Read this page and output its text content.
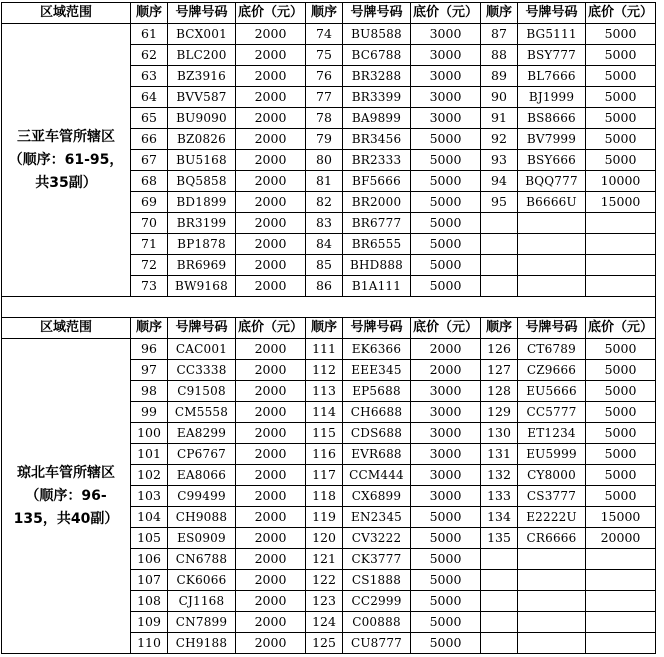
区域范围	顺序	号牌号码	底价（元）	顺序	号牌号码	底价（元）	顺序	号牌号码	底价（元）
三亚车管所辖区（顺序：61-95，共35副）	61	BCX001	2000	74	BU8588	3000	87	BG5111	5000
	62	BLC200	2000	75	BC6788	3000	88	BSY777	5000
	63	BZ3916	2000	76	BR3288	3000	89	BL7666	5000
	64	BVV587	2000	77	BR3399	3000	90	BJ1999	5000
	65	BU9090	2000	78	BA9899	3000	91	BS8666	5000
	66	BZ0826	2000	79	BR3456	5000	92	BV7999	5000
	67	BU5168	2000	80	BR2333	5000	93	BSY666	5000
	68	BQ5858	2000	81	BF5666	5000	94	BQQ777	10000
	69	BD1899	2000	82	BR2000	5000	95	B6666U	15000
	70	BR3199	2000	83	BR6777	5000			
	71	BP1878	2000	84	BR6555	5000			
	72	BR6969	2000	85	BHD888	5000			
	73	BW9168	2000	86	B1A111	5000			

区域范围	顺序	号牌号码	底价（元）	顺序	号牌号码	底价（元）	顺序	号牌号码	底价（元）
琼北车管所辖区（顺序：96-135，共40副）	96	CAC001	2000	111	EK6366	2000	126	CT6789	5000
	97	CC3338	2000	112	EEE345	2000	127	CZ9666	5000
	98	C91508	2000	113	EP5688	3000	128	EU5666	5000
	99	CM5558	2000	114	CH6688	3000	129	CC5777	5000
	100	EA8299	2000	115	CDS688	3000	130	ET1234	5000
	101	CP6767	2000	116	EVR688	3000	131	EU5999	5000
	102	EA8066	2000	117	CCM444	3000	132	CY8000	5000
	103	C99499	2000	118	CX6899	3000	133	CS3777	5000
	104	CH9088	2000	119	EN2345	5000	134	E2222U	15000
	105	ES0909	2000	120	CV3222	5000	135	CR6666	20000
	106	CN6788	2000	121	CK3777	5000			
	107	CK6066	2000	122	CS1888	5000			
	108	CJ1168	2000	123	CC2999	5000			
	109	CN7899	2000	124	C00888	5000			
	110	CH9188	2000	125	CU8777	5000			
